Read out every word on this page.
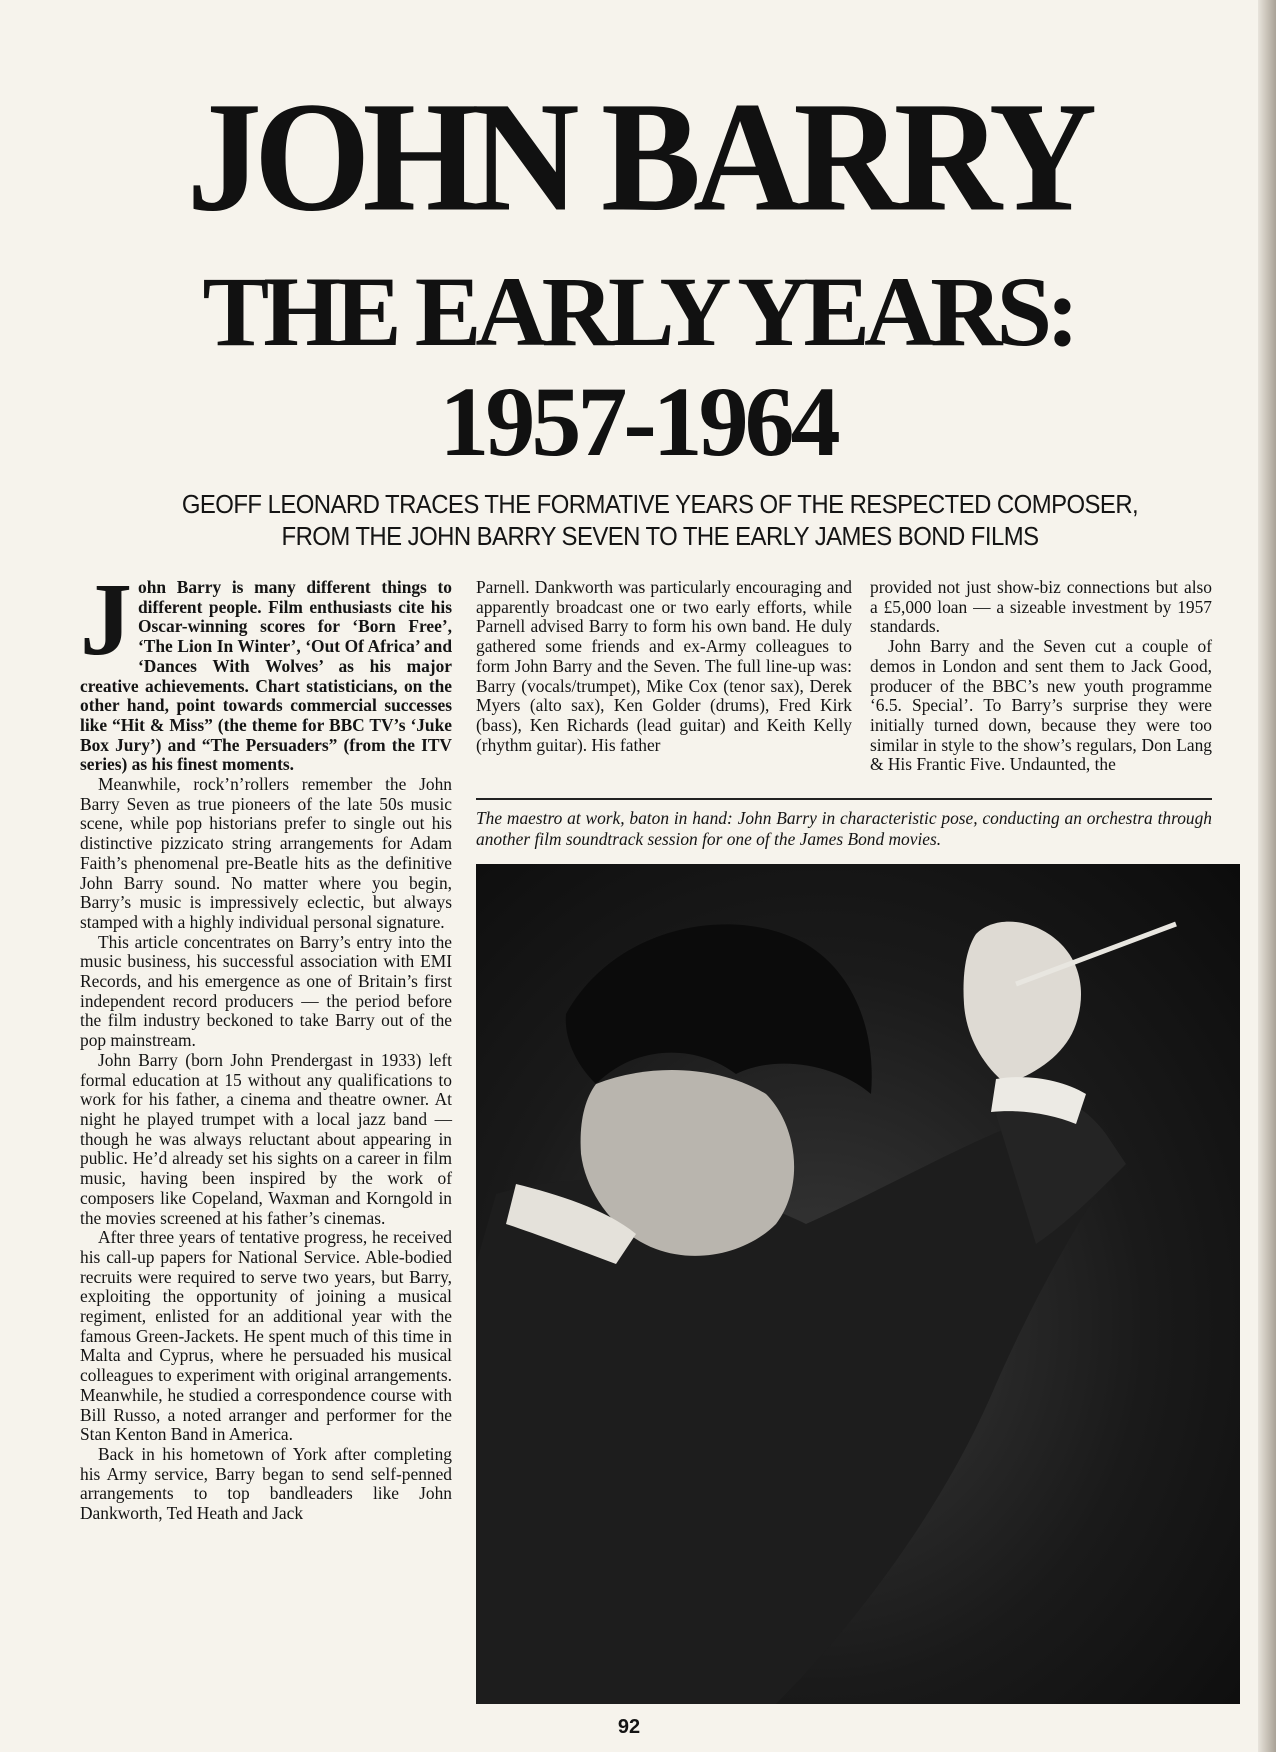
JOHN BARRY
THE EARLY YEARS:
1957-1964
GEOFF LEONARD TRACES THE FORMATIVE YEARS OF THE RESPECTED COMPOSER,
FROM THE JOHN BARRY SEVEN TO THE EARLY JAMES BOND FILMS

John Barry is many different things to different people. Film enthusiasts cite his Oscar-winning scores for ‘Born Free’, ‘The Lion In Winter’, ‘Out Of Africa’ and ‘Dances With Wolves’ as his major creative achievements. Chart statisticians, on the other hand, point towards commercial successes like “Hit & Miss” (the theme for BBC TV’s ‘Juke Box Jury’) and “The Persuaders” (from the ITV series) as his finest moments.

Meanwhile, rock’n’rollers remember the John Barry Seven as true pioneers of the late 50s music scene, while pop historians prefer to single out his distinctive pizzicato string arrangements for Adam Faith’s phenomenal pre-Beatle hits as the definitive John Barry sound. No matter where you begin, Barry’s music is impressively eclectic, but always stamped with a highly individual personal signature.

This article concentrates on Barry’s entry into the music business, his successful association with EMI Records, and his emergence as one of Britain’s first independent record producers — the period before the film industry beckoned to take Barry out of the pop mainstream.

John Barry (born John Prendergast in 1933) left formal education at 15 without any qualifications to work for his father, a cinema and theatre owner. At night he played trumpet with a local jazz band — though he was always reluctant about appearing in public. He’d already set his sights on a career in film music, having been inspired by the work of composers like Copeland, Waxman and Korngold in the movies screened at his father’s cinemas.

After three years of tentative progress, he received his call-up papers for National Service. Able-bodied recruits were required to serve two years, but Barry, exploiting the opportunity of joining a musical regiment, enlisted for an additional year with the famous Green-Jackets. He spent much of this time in Malta and Cyprus, where he persuaded his musical colleagues to experiment with original arrangements. Meanwhile, he studied a correspondence course with Bill Russo, a noted arranger and performer for the Stan Kenton Band in America.

Back in his hometown of York after completing his Army service, Barry began to send self-penned arrangements to top bandleaders like John Dankworth, Ted Heath and Jack

Parnell. Dankworth was particularly encouraging and apparently broadcast one or two early efforts, while Parnell advised Barry to form his own band. He duly gathered some friends and ex-Army colleagues to form John Barry and the Seven. The full line-up was: Barry (vocals/trumpet), Mike Cox (tenor sax), Derek Myers (alto sax), Ken Golder (drums), Fred Kirk (bass), Ken Richards (lead guitar) and Keith Kelly (rhythm guitar). His father

provided not just show-biz connections but also a £5,000 loan — a sizeable investment by 1957 standards.

John Barry and the Seven cut a couple of demos in London and sent them to Jack Good, producer of the BBC’s new youth programme ‘6.5. Special’. To Barry’s surprise they were initially turned down, because they were too similar in style to the show’s regulars, Don Lang & His Frantic Five. Undaunted, the

The maestro at work, baton in hand: John Barry in characteristic pose, conducting an orchestra through another film soundtrack session for one of the James Bond movies.
92
